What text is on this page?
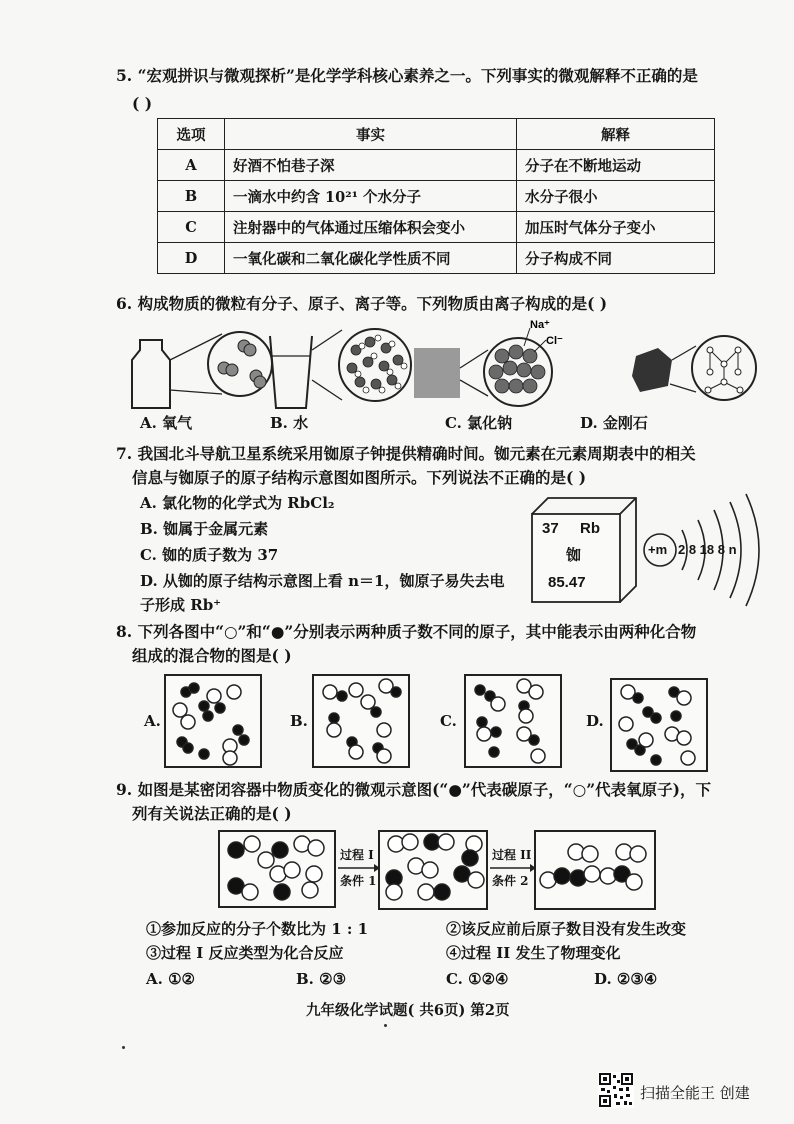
5. “宏观拼识与微观探析”是化学学科核心素养之一。下列事实的微观解释不正确的是
( )
选项	事实	解释
A	好酒不怕巷子深	分子在不断地运动
B	一滴水中约含 10²¹ 个水分子	水分子很小
C	注射器中的气体通过压缩体积会变小	加压时气体分子变小
D	一氧化碳和二氧化碳化学性质不同	分子构成不同
6. 构成物质的微粒有分子、原子、离子等。下列物质由离子构成的是( )
Na⁺
Cl⁻
A. 氧气	B. 水	C. 氯化钠	D. 金刚石
7. 我国北斗导航卫星系统采用铷原子钟提供精确时间。铷元素在元素周期表中的相关
信息与铷原子的原子结构示意图如图所示。下列说法不正确的是( )
A. 氯化物的化学式为 RbCl₂
B. 铷属于金属元素
C. 铷的质子数为 37
D. 从铷的原子结构示意图上看 n＝1，铷原子易失去电
子形成 Rb⁺
37 Rb
铷
85.47
+m 2 8 18 8 n
8. 下列各图中“○”和“●”分别表示两种质子数不同的原子，其中能表示由两种化合物
组成的混合物的图是( )
A.	B.	C.	D.
9. 如图是某密闭容器中物质变化的微观示意图(“●”代表碳原子，“○”代表氧原子)，下
列有关说法正确的是( )
过程 I
条件 1
过程 II
条件 2
①参加反应的分子个数比为 1 : 1	②该反应前后原子数目没有发生改变
③过程 I 反应类型为化合反应	④过程 II 发生了物理变化
A. ①②	B. ②③	C. ①②④	D. ②③④
九年级化学试题( 共6页) 第2页
扫描全能王 创建
